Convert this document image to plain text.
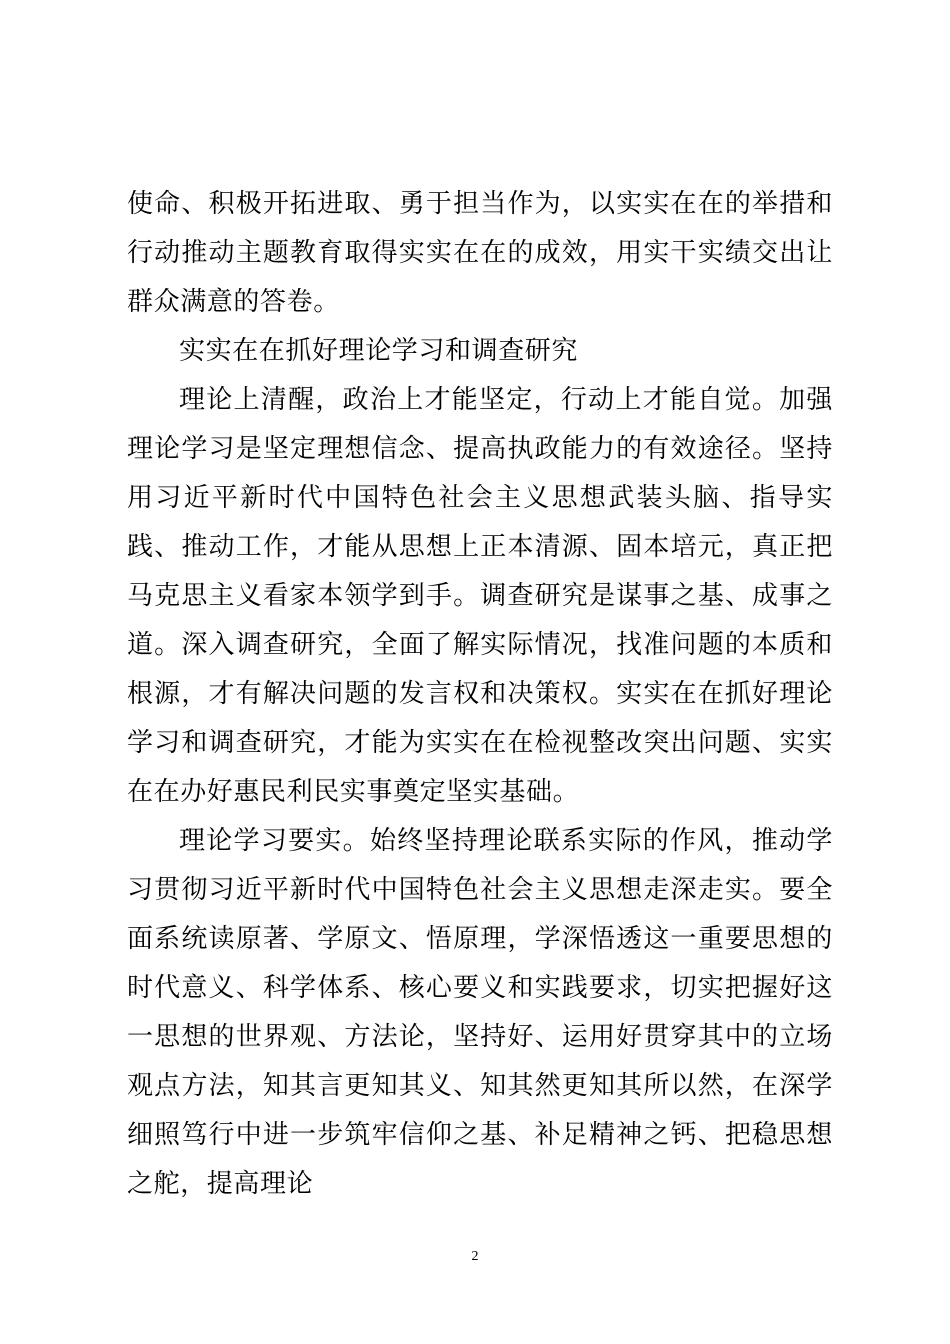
使命、积极开拓进取、勇于担当作为，以实实在在的举措和行动推动主题教育取得实实在在的成效，用实干实绩交出让群众满意的答卷。

实实在在抓好理论学习和调查研究

理论上清醒，政治上才能坚定，行动上才能自觉。加强理论学习是坚定理想信念、提高执政能力的有效途径。坚持用习近平新时代中国特色社会主义思想武装头脑、指导实践、推动工作，才能从思想上正本清源、固本培元，真正把马克思主义看家本领学到手。调查研究是谋事之基、成事之道。深入调查研究，全面了解实际情况，找准问题的本质和根源，才有解决问题的发言权和决策权。实实在在抓好理论学习和调查研究，才能为实实在在检视整改突出问题、实实在在办好惠民利民实事奠定坚实基础。

理论学习要实。始终坚持理论联系实际的作风，推动学习贯彻习近平新时代中国特色社会主义思想走深走实。要全面系统读原著、学原文、悟原理，学深悟透这一重要思想的时代意义、科学体系、核心要义和实践要求，切实把握好这一思想的世界观、方法论，坚持好、运用好贯穿其中的立场观点方法，知其言更知其义、知其然更知其所以然，在深学细照笃行中进一步筑牢信仰之基、补足精神之钙、把稳思想之舵，提高理论

2
